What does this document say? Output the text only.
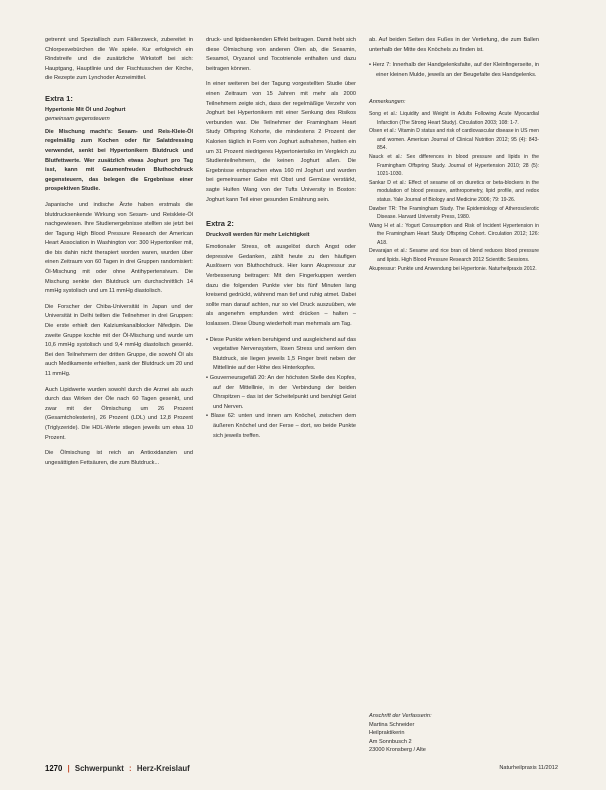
getrennt und Speziallisch zum Fällerzweck, zubereitet in Chlorpesvebürchen die We spiele. Kur erfolgreich ein Rindstreife und die zusätzliche Wirkstoff bei sich: Hauptgang, Hauptlinie und der Fischtusschen der Kirche, die Rezepte zum Lynchoder Arzneimittel.

Extra 1:
Hypertonie Mit Öl und Joghurt
gemeinsam gegensteuern

Die Mischung macht's: Sesam- und Reis-Kleie-Öl regelmäßig zum Kochen oder für Salatdressing verwendet, senkt bei Hypertonikern Blutdruck und Blutfettwerte. Wer zusätzlich etwas Joghurt pro Tag isst, kann mit Gaumenfreuden Bluthochdruck gegensteuern, das belegen die Ergebnisse einer prospektiven Studie.

Japanische und indische Ärzte haben erstmals die blutdrucksenkende Wirkung von Sesam- und Reiskleie-Öl nachgewiesen. Ihre Studienergebnisse stellten sie jetzt bei der Tagung High Blood Pressure Research der American Heart Association in Washington vor: 300 Hypertoniker mit, die bis dahin nicht therapiert worden waren, wurden über einen Zeitraum von 60 Tagen in drei Gruppen randomisiert: Öl-Mischung mit oder ohne Antihypertensivum. Die Mischung senkte den Blutdruck um durchschnittlich 14 mmHg systolisch und um 11 mmHg diastolisch.

Die Forscher der Chiba-Universität in Japan und der Universität in Delhi teilten die Teilnehmer in drei Gruppen: Die erste erhielt den Kalziumkanalblocker Nifedipin. Die zweite Gruppe kochte mit der Öl-Mischung und wurde um 10,6 mmHg systolisch und 9,4 mmHg diastolisch gesenkt. Bei den Teilnehmern der dritten Gruppe, die sowohl Öl als auch Medikamente erhielten, sank der Blutdruck um 20 und 11 mmHg.

Auch Lipidwerte wurden sowohl durch die Arznei als auch durch das Wirken der Öle nach 60 Tagen gesenkt, und zwar mit der Ölmischung um 26 Prozent (Gesamtcholesterin), 26 Prozent (LDL) und 12,8 Prozent (Triglyzeride). Die HDL-Werte stiegen jeweils um etwa 10 Prozent.

Die Ölmischung ist reich an Antioxidanzien und ungesättigten Fettsäuren, die zum Blutdruck...

druck- und lipidsenkenden Effekt beitragen. Damit hebt sich diese Ölmischung von anderen Ölen ab, die Sesamin, Sesamol, Oryzanol und Tocotrienole enthalten und dazu beitragen können.

In einer weiteren bei der Tagung vorgestellten Studie über einen Zeitraum von 15 Jahren mit mehr als 2000 Teilnehmern zeigte sich, dass der regelmäßige Verzehr von Joghurt bei Hypertonikern mit einer Senkung des Risikos verbunden war. Die Teilnehmer der Framingham Heart Study Offspring Kohorte, die mindestens 2 Prozent der Kalorien täglich in Form von Joghurt aufnahmen, hatten ein um 31 Prozent niedrigeres Hypertonierisiko im Vergleich zu Studienteilnehmern, die keinen Joghurt aßen. Die Ergebnisse entsprachen etwa 160 ml Joghurt und wurden bei gemeinsamer Gabe mit Obst und Gemüse verstärkt, sagte Huifen Wang von der Tufts University in Boston: Joghurt kann Teil einer gesunden Ernährung sein.

Extra 2:
Druckvoll werden für mehr Leichtigkeit

Emotionaler Stress, oft ausgelöst durch Angst oder depressive Gedanken, zählt heute zu den häufigen Auslösern von Bluthochdruck. Hier kann Akupressur zur Verbesserung beitragen: Mit den Fingerkuppen werden dazu die folgenden Punkte vier bis fünf Minuten lang kreisend gedrückt, während man tief und ruhig atmet. Dabei sollte man darauf achten, nur so viel Druck auszuüben, wie als angenehm empfunden wird: drücken – halten – loslassen. Diese Übung wiederholt man mehrmals am Tag.

• Diese Punkte wirken beruhigend und ausgleichend auf das vegetative Nervensystem, lösen Stress und senken den Blutdruck, sie liegen jeweils 1,5 Finger breit neben der Mittellinie auf der Höhe des Hinterkopfes.
• Gouverneursgefäß 20: An der höchsten Stelle des Kopfes, auf der Mittellinie, in der Verbindung der beiden Ohrspitzen – das ist der Scheitelpunkt und beruhigt Geist und Nerven.
• Blase 62: unten und innen am Knöchel, zwischen dem äußeren Knöchel und der Ferse – dort, wo beide Punkte sich jeweils treffen.

ab. Auf beiden Seiten des Fußes in der Vertiefung, die zum Ballen unterhalb der Mitte des Knöchels zu finden ist.

• Herz 7: Innerhalb der Handgelenksfalte, auf der Kleinfingerseite, in einer kleinen Mulde, jeweils an der Beugefalte des Handgelenks.
Anmerkungen:
Song et al.: Liquidity and Weight in Adults Following Acute Myocardial Infarction (The Strong Heart Study). Circulation 2003; 108: 1-7.
Olsen et al.: Vitamin D status and risk of cardiovascular disease in US men and women. American Journal of Clinical Nutrition 2012; 95 (4): 843-854.
Nauck et al.: Sex differences in blood pressure and lipids in the Framingham Offspring Study. Journal of Hypertension 2010; 28 (5): 1021-1030.
Sankar D et al.: Effect of sesame oil on diuretics or beta-blockers in the modulation of blood pressure, anthropometry, lipid profile, and redox status. Yale Journal of Biology and Medicine 2006; 79: 19-26.
Dawber TR: The Framingham Study. The Epidemiology of Atherosclerotic Disease. Harvard University Press, 1980.
Wang H et al.: Yogurt Consumption and Risk of Incident Hypertension in the Framingham Heart Study Offspring Cohort. Circulation 2012; 126: A18.
Devarajan et al.: Sesame and rice bran oil blend reduces blood pressure and lipids. High Blood Pressure Research 2012 Scientific Sessions.
Akupressur: Punkte und Anwendung bei Hypertonie. Naturheilpraxis 2012.
Anschrift der Verfasserin:
Martina Schneider
Heilpraktikerin
Am Sonnbusch 2
23000 Kronsberg / Alte
1270 | Schwerpunkt : Herz-Kreislauf	Naturheilpraxis 11/2012
